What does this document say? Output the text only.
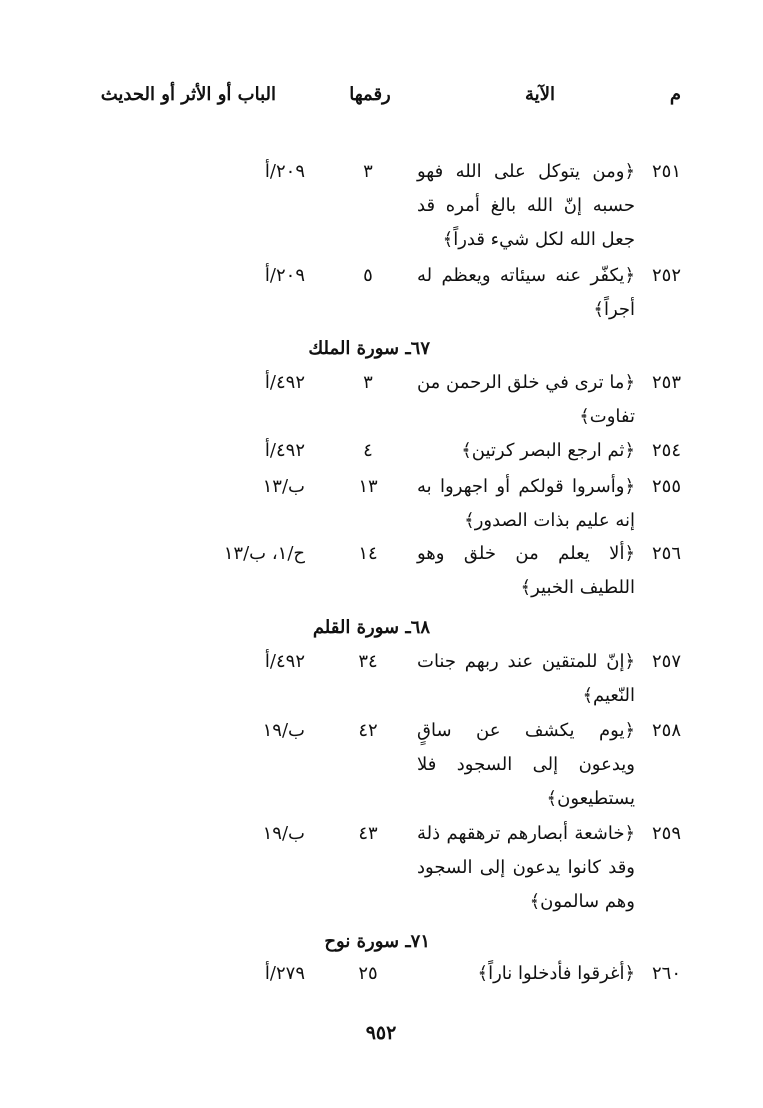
م
الآية
رقمها
الباب أو الأثر أو الحديث
٢٥١
﴿ومن يتوكل على الله فهو حسبه إنّ الله بالغ أمره قد جعل الله لكل شيء قدراً﴾
٣
٢٠٩/أ
٢٥٢
﴿يكفّر عنه سيئاته ويعظم له أجراً﴾
٥
٢٠٩/أ
٦٧ـ سورة الملك
٢٥٣
﴿ما ترى في خلق الرحمن من تفاوت﴾
٣
٤٩٢/أ
٢٥٤
﴿ثم ارجع البصر كرتين﴾
٤
٤٩٢/أ
٢٥٥
﴿وأسروا قولكم أو اجهروا به إنه عليم بذات الصدور﴾
١٣
ب/١٣
٢٥٦
﴿ألا يعلم من خلق وهو اللطيف الخبير﴾
١٤
ح/١، ب/١٣
٦٨ـ سورة القلم
٢٥٧
﴿إنّ للمتقين عند ربهم جنات النّعيم﴾
٣٤
٤٩٢/أ
٢٥٨
﴿يوم يكشف عن ساقٍ ويدعون إلى السجود فلا يستطيعون﴾
٤٢
ب/١٩
٢٥٩
﴿خاشعة أبصارهم ترهقهم ذلة وقد كانوا يدعون إلى السجود وهم سالمون﴾
٤٣
ب/١٩
٧١ـ سورة نوح
٢٦٠
﴿أغرقوا فأدخلوا ناراً﴾
٢٥
٢٧٩/أ
٩٥٢
